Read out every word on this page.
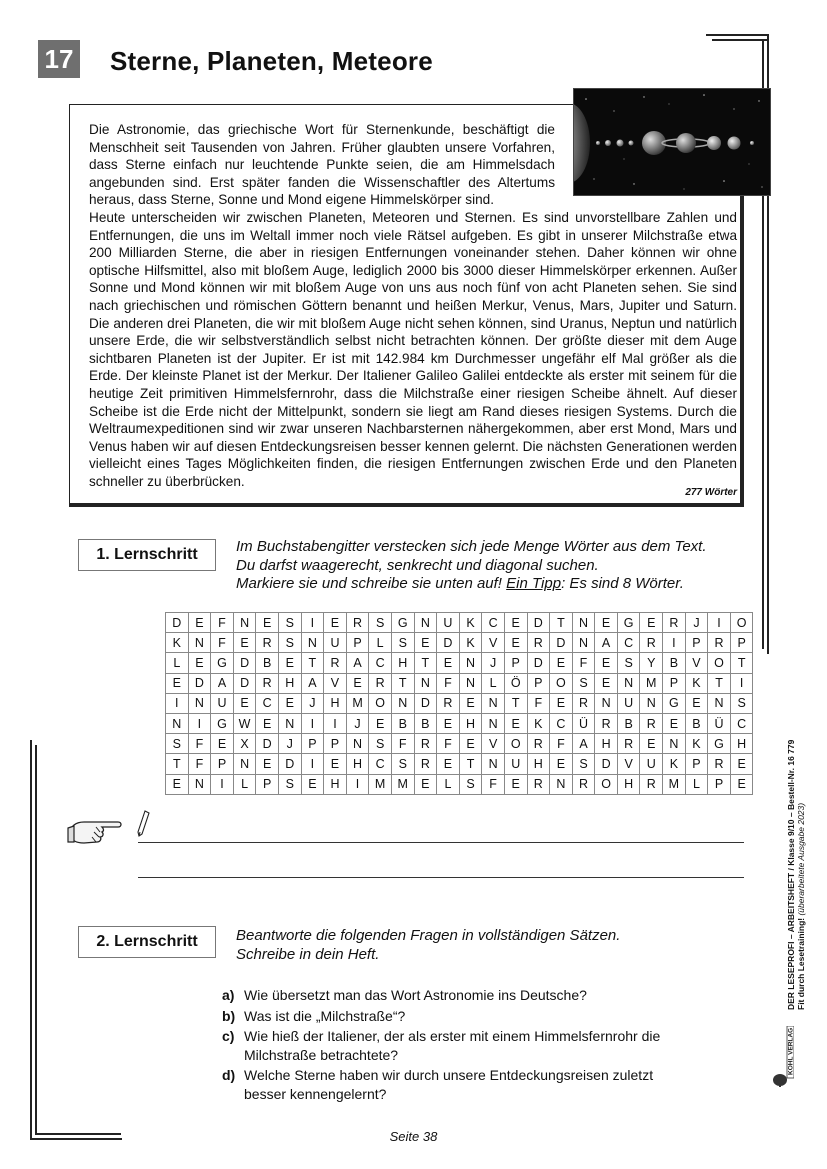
17 Sterne, Planeten, Meteore
Die Astronomie, das griechische Wort für Sternenkunde, beschäftigt die Menschheit seit Tausenden von Jahren. Früher glaubten unsere Vorfahren, dass Sterne einfach nur leuchtende Punkte seien, die am Himmelsdach angebunden sind. Erst später fanden die Wissenschaftler des Altertums heraus, dass Sterne, Sonne und Mond eigene Himmelskörper sind.
Heute unterscheiden wir zwischen Planeten, Meteoren und Sternen. Es sind unvorstellbare Zahlen und Entfernungen, die uns im Weltall immer noch viele Rätsel aufgeben. Es gibt in unserer Milchstraße etwa 200 Milliarden Sterne, die aber in riesigen Entfernungen voneinander stehen. Daher können wir ohne optische Hilfsmittel, also mit bloßem Auge, lediglich 2000 bis 3000 dieser Himmelskörper erkennen. Außer Sonne und Mond können wir mit bloßem Auge von uns aus noch fünf von acht Planeten sehen. Sie sind nach griechischen und römischen Göttern benannt und heißen Merkur, Venus, Mars, Jupiter und Saturn. Die anderen drei Planeten, die wir mit bloßem Auge nicht sehen können, sind Uranus, Neptun und natürlich unsere Erde, die wir selbstverständlich selbst nicht betrachten können. Der größte dieser mit dem Auge sichtbaren Planeten ist der Jupiter. Er ist mit 142.984 km Durchmesser ungefähr elf Mal größer als die Erde. Der kleinste Planet ist der Merkur. Der Italiener Galileo Galilei entdeckte als erster mit seinem für die heutige Zeit primitiven Himmelsfernrohr, dass die Milchstraße einer riesigen Scheibe ähnelt. Auf dieser Scheibe ist die Erde nicht der Mittelpunkt, sondern sie liegt am Rand dieses riesigen Systems. Durch die Weltraumexpeditionen sind wir zwar unseren Nachbarsternen nähergekommen, aber erst Mond, Mars und Venus haben wir auf diesen Entdeckungsreisen besser kennen gelernt. Die nächsten Generationen werden vielleicht eines Tages Möglichkeiten finden, die riesigen Entfernungen zwischen Erde und den Planeten schneller zu überbrücken.
277 Wörter
1. Lernschritt	Im Buchstabengitter verstecken sich jede Menge Wörter aus dem Text.
Du darfst waagerecht, senkrecht und diagonal suchen.
Markiere sie und schreibe sie unten auf! Ein Tipp: Es sind 8 Wörter.
D	E	F	N	E	S	I	E	R	S	G	N	U	K	C	E	D	T	N	E	G	E	R	J	I	O
K	N	F	E	R	S	N	U	P	L	S	E	D	K	V	E	R	D	N	A	C	R	I	P	R	P
L	E	G	D	B	E	T	R	A	C	H	T	E	N	J	P	D	E	F	E	S	Y	B	V	O	T
E	D	A	D	R	H	A	V	E	R	T	N	F	N	L	Ö	P	O	S	E	N	M	P	K	T	I
I	N	U	E	C	E	J	H	M	O	N	D	R	E	N	T	F	E	R	N	U	N	G	E	N	S
N	I	G	W	E	N	I	I	J	E	B	B	E	H	N	E	K	C	Ü	R	B	R	E	B	Ü	C
S	F	E	X	D	J	P	P	N	S	F	R	F	E	V	O	R	F	A	H	R	E	N	K	G	H
T	F	P	N	E	D	I	E	H	C	S	R	E	T	N	U	H	E	S	D	V	U	K	P	R	E
E	N	I	L	P	S	E	H	I	M	M	E	L	S	F	E	R	N	R	O	H	R	M	L	P	E
2. Lernschritt	Beantworte die folgenden Fragen in vollständigen Sätzen.
Schreibe in dein Heft.
a) Wie übersetzt man das Wort Astronomie ins Deutsche?
b) Was ist die „Milchstraße“?
c) Wie hieß der Italiener, der als erster mit einem Himmelsfernrohr die Milchstraße betrachtete?
d) Welche Sterne haben wir durch unsere Entdeckungsreisen zuletzt besser kennengelernt?
Seite 38
DER LESEPROFI – ARBEITSHEFT / Klasse 9/10 – Bestell-Nr. 16 779 Fit durch Lesetraining! (überarbeitete Ausgabe 2023)
KOHL VERLAG
